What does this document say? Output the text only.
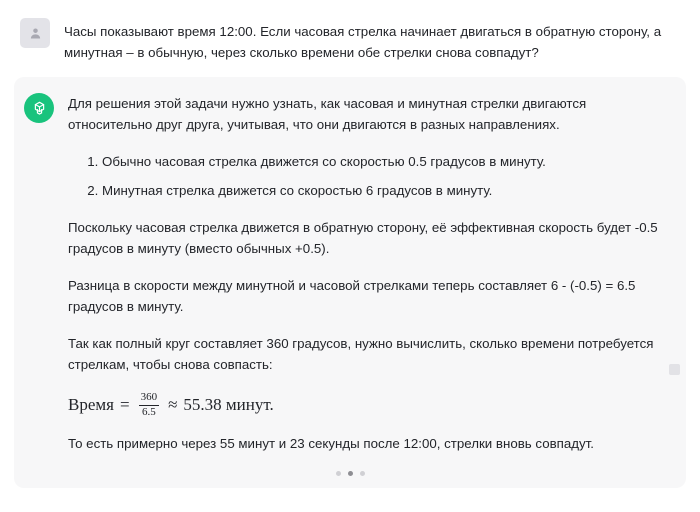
Часы показывают время 12:00. Если часовая стрелка начинает двигаться в обратную сторону, а минутная – в обычную, через сколько времени обе стрелки снова совпадут?

Для решения этой задачи нужно узнать, как часовая и минутная стрелки двигаются относительно друг друга, учитывая, что они двигаются в разных направлениях.

1. Обычно часовая стрелка движется со скоростью 0.5 градусов в минуту.
2. Минутная стрелка движется со скоростью 6 градусов в минуту.

Поскольку часовая стрелка движется в обратную сторону, её эффективная скорость будет -0.5 градусов в минуту (вместо обычных +0.5).

Разница в скорости между минутной и часовой стрелками теперь составляет 6 - (-0.5) = 6.5 градусов в минуту.

Так как полный круг составляет 360 градусов, нужно вычислить, сколько времени потребуется стрелкам, чтобы снова совпасть:

Время = $\frac{360}{6.5} \approx 55.38$ минут.

То есть примерно через 55 минут и 23 секунды после 12:00, стрелки вновь совпадут.
